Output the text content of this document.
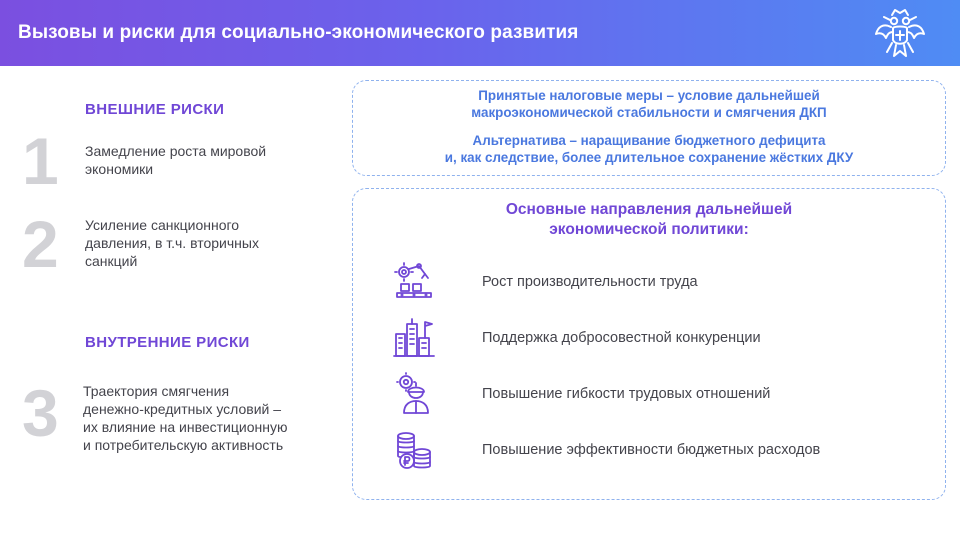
Вызовы и риски для социально-экономического развития
ВНЕШНИЕ РИСКИ
1 Замедление роста мировой
экономики
2 Усиление санкционного
давления, в т.ч. вторичных
санкций
ВНУТРЕННИЕ РИСКИ
3 Траектория смягчения
денежно-кредитных условий –
их влияние на инвестиционную
и потребительскую активность
Принятые налоговые меры – условие дальнейшей
макроэкономической стабильности и смягчения ДКП
Альтернатива – наращивание бюджетного дефицита
и, как следствие, более длительное сохранение жёстких ДКУ
Основные направления дальнейшей
экономической политики:
Рост производительности труда
Поддержка добросовестной конкуренции
Повышение гибкости трудовых отношений
Повышение эффективности бюджетных расходов
